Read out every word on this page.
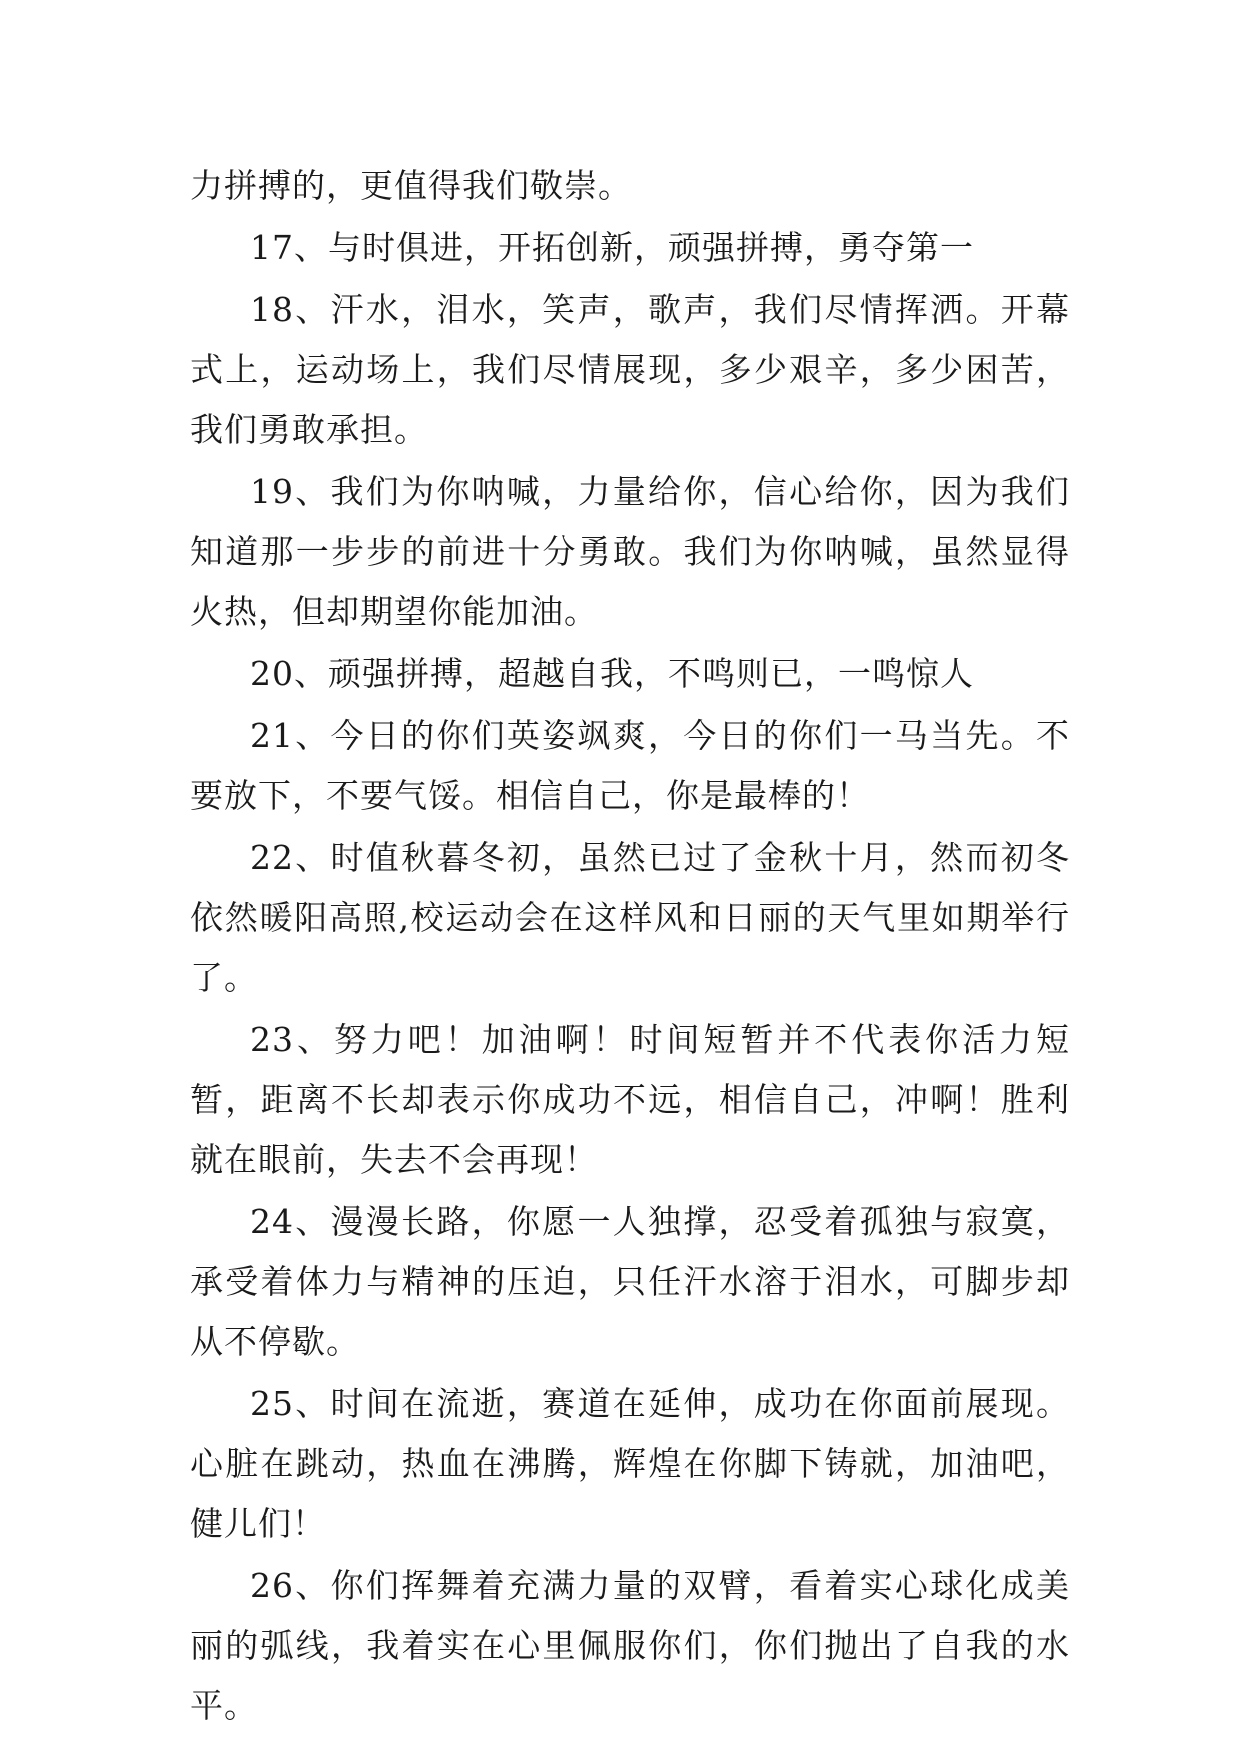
力拼搏的，更值得我们敬崇。

17、与时俱进，开拓创新，顽强拼搏，勇夺第一

18、汗水，泪水，笑声，歌声，我们尽情挥洒。开幕式上，运动场上，我们尽情展现，多少艰辛，多少困苦，我们勇敢承担。

19、我们为你呐喊，力量给你，信心给你，因为我们知道那一步步的前进十分勇敢。我们为你呐喊，虽然显得火热，但却期望你能加油。

20、顽强拼搏，超越自我，不鸣则已，一鸣惊人

21、今日的你们英姿飒爽，今日的你们一马当先。不要放下，不要气馁。相信自己，你是最棒的！

22、时值秋暮冬初，虽然已过了金秋十月，然而初冬依然暖阳高照,校运动会在这样风和日丽的天气里如期举行了。

23、努力吧！加油啊！时间短暂并不代表你活力短暂，距离不长却表示你成功不远，相信自己，冲啊！胜利就在眼前，失去不会再现！

24、漫漫长路，你愿一人独撑，忍受着孤独与寂寞，承受着体力与精神的压迫，只任汗水溶于泪水，可脚步却从不停歇。

25、时间在流逝，赛道在延伸，成功在你面前展现。心脏在跳动，热血在沸腾，辉煌在你脚下铸就，加油吧，健儿们！

26、你们挥舞着充满力量的双臂，看着实心球化成美丽的弧线，我着实在心里佩服你们，你们抛出了自我的水平。
